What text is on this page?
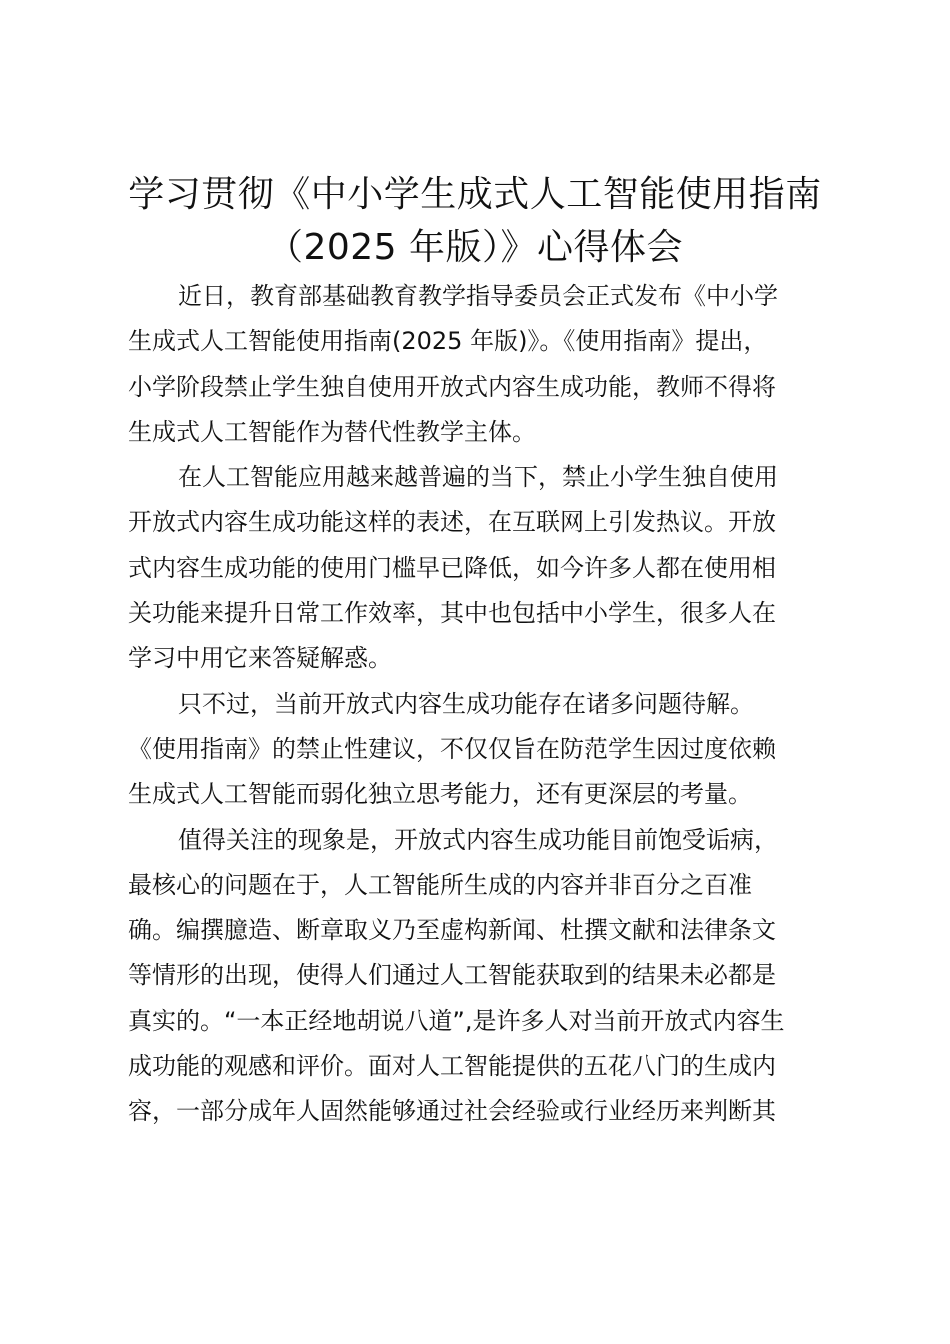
学习贯彻《中小学生成式人工智能使用指南
（2025 年版）》心得体会

近日，教育部基础教育教学指导委员会正式发布《中小学
生成式人工智能使用指南(2025 年版)》。《使用指南》提出，
小学阶段禁止学生独自使用开放式内容生成功能，教师不得将
生成式人工智能作为替代性教学主体。

在人工智能应用越来越普遍的当下，禁止小学生独自使用
开放式内容生成功能这样的表述，在互联网上引发热议。开放
式内容生成功能的使用门槛早已降低，如今许多人都在使用相
关功能来提升日常工作效率，其中也包括中小学生，很多人在
学习中用它来答疑解惑。

只不过，当前开放式内容生成功能存在诸多问题待解。
《使用指南》的禁止性建议，不仅仅旨在防范学生因过度依赖
生成式人工智能而弱化独立思考能力，还有更深层的考量。

值得关注的现象是，开放式内容生成功能目前饱受诟病，
最核心的问题在于，人工智能所生成的内容并非百分之百准
确。编撰臆造、断章取义乃至虚构新闻、杜撰文献和法律条文
等情形的出现，使得人们通过人工智能获取到的结果未必都是
真实的。“一本正经地胡说八道”,是许多人对当前开放式内容生
成功能的观感和评价。面对人工智能提供的五花八门的生成内
容，一部分成年人固然能够通过社会经验或行业经历来判断其
